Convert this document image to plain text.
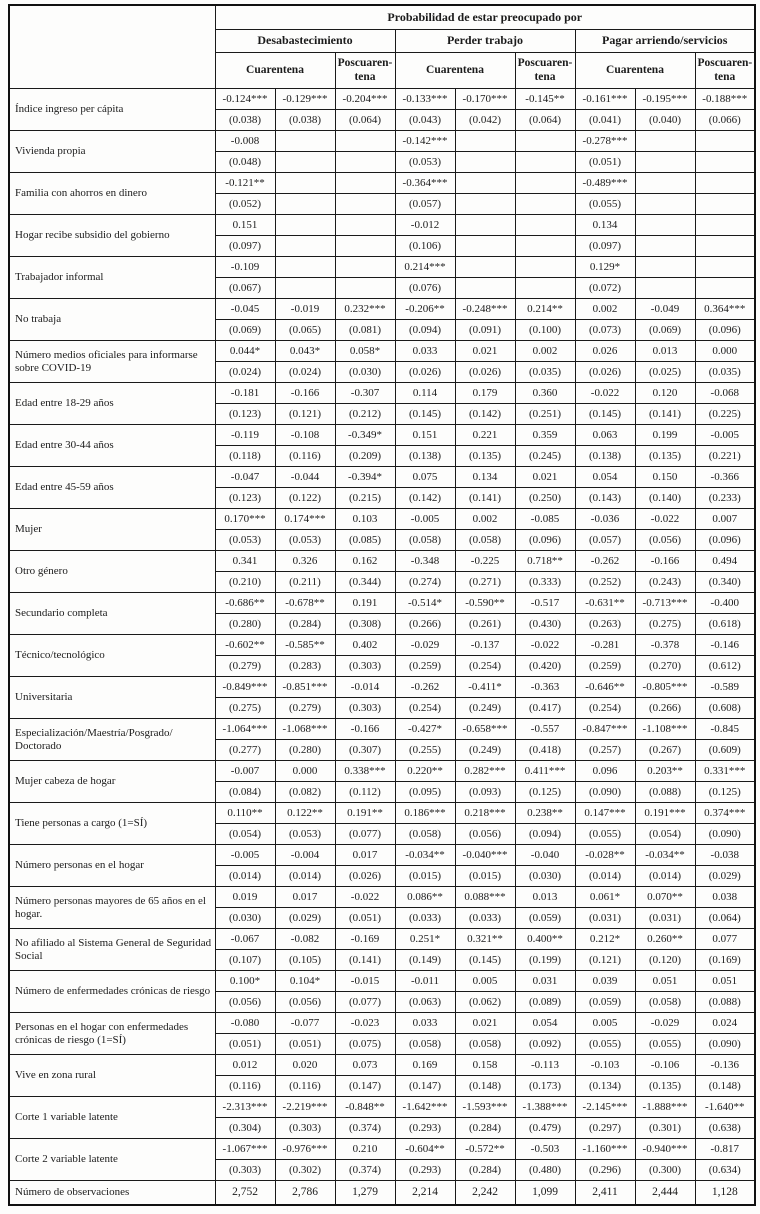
	Probabilidad de estar preocupado por								
	Desabastecimiento			Perder trabajo			Pagar arriendo/servicios		
	Cuarentena		Poscuaren-tena	Cuarentena		Poscuaren-tena	Cuarentena		Poscuaren-tena
Índice ingreso per cápita	-0.124***	-0.129***	-0.204***	-0.133***	-0.170***	-0.145**	-0.161***	-0.195***	-0.188***
	(0.038)	(0.038)	(0.064)	(0.043)	(0.042)	(0.064)	(0.041)	(0.040)	(0.066)
Vivienda propia	-0.008			-0.142***			-0.278***		
	(0.048)			(0.053)			(0.051)		
Familia con ahorros en dinero	-0.121**			-0.364***			-0.489***		
	(0.052)			(0.057)			(0.055)		
Hogar recibe subsidio del gobierno	0.151			-0.012			0.134		
	(0.097)			(0.106)			(0.097)		
Trabajador informal	-0.109			0.214***			0.129*		
	(0.067)			(0.076)			(0.072)		
No trabaja	-0.045	-0.019	0.232***	-0.206**	-0.248***	0.214**	0.002	-0.049	0.364***
	(0.069)	(0.065)	(0.081)	(0.094)	(0.091)	(0.100)	(0.073)	(0.069)	(0.096)
Número medios oficiales para informarse sobre COVID-19	0.044*	0.043*	0.058*	0.033	0.021	0.002	0.026	0.013	0.000
	(0.024)	(0.024)	(0.030)	(0.026)	(0.026)	(0.035)	(0.026)	(0.025)	(0.035)
Edad entre 18-29 años	-0.181	-0.166	-0.307	0.114	0.179	0.360	-0.022	0.120	-0.068
	(0.123)	(0.121)	(0.212)	(0.145)	(0.142)	(0.251)	(0.145)	(0.141)	(0.225)
Edad entre 30-44 años	-0.119	-0.108	-0.349*	0.151	0.221	0.359	0.063	0.199	-0.005
	(0.118)	(0.116)	(0.209)	(0.138)	(0.135)	(0.245)	(0.138)	(0.135)	(0.221)
Edad entre 45-59 años	-0.047	-0.044	-0.394*	0.075	0.134	0.021	0.054	0.150	-0.366
	(0.123)	(0.122)	(0.215)	(0.142)	(0.141)	(0.250)	(0.143)	(0.140)	(0.233)
Mujer	0.170***	0.174***	0.103	-0.005	0.002	-0.085	-0.036	-0.022	0.007
	(0.053)	(0.053)	(0.085)	(0.058)	(0.058)	(0.096)	(0.057)	(0.056)	(0.096)
Otro género	0.341	0.326	0.162	-0.348	-0.225	0.718**	-0.262	-0.166	0.494
	(0.210)	(0.211)	(0.344)	(0.274)	(0.271)	(0.333)	(0.252)	(0.243)	(0.340)
Secundario completa	-0.686**	-0.678**	0.191	-0.514*	-0.590**	-0.517	-0.631**	-0.713***	-0.400
	(0.280)	(0.284)	(0.308)	(0.266)	(0.261)	(0.430)	(0.263)	(0.275)	(0.618)
Técnico/tecnológico	-0.602**	-0.585**	0.402	-0.029	-0.137	-0.022	-0.281	-0.378	-0.146
	(0.279)	(0.283)	(0.303)	(0.259)	(0.254)	(0.420)	(0.259)	(0.270)	(0.612)
Universitaria	-0.849***	-0.851***	-0.014	-0.262	-0.411*	-0.363	-0.646**	-0.805***	-0.589
	(0.275)	(0.279)	(0.303)	(0.254)	(0.249)	(0.417)	(0.254)	(0.266)	(0.608)
Especialización/Maestría/Posgrado/ Doctorado	-1.064***	-1.068***	-0.166	-0.427*	-0.658***	-0.557	-0.847***	-1.108***	-0.845
	(0.277)	(0.280)	(0.307)	(0.255)	(0.249)	(0.418)	(0.257)	(0.267)	(0.609)
Mujer cabeza de hogar	-0.007	0.000	0.338***	0.220**	0.282***	0.411***	0.096	0.203**	0.331***
	(0.084)	(0.082)	(0.112)	(0.095)	(0.093)	(0.125)	(0.090)	(0.088)	(0.125)
Tiene personas a cargo (1=SÍ)	0.110**	0.122**	0.191**	0.186***	0.218***	0.238**	0.147***	0.191***	0.374***
	(0.054)	(0.053)	(0.077)	(0.058)	(0.056)	(0.094)	(0.055)	(0.054)	(0.090)
Número personas en el hogar	-0.005	-0.004	0.017	-0.034**	-0.040***	-0.040	-0.028**	-0.034**	-0.038
	(0.014)	(0.014)	(0.026)	(0.015)	(0.015)	(0.030)	(0.014)	(0.014)	(0.029)
Número personas mayores de 65 años en el hogar.	0.019	0.017	-0.022	0.086**	0.088***	0.013	0.061*	0.070**	0.038
	(0.030)	(0.029)	(0.051)	(0.033)	(0.033)	(0.059)	(0.031)	(0.031)	(0.064)
No afiliado al Sistema General de Seguridad Social	-0.067	-0.082	-0.169	0.251*	0.321**	0.400**	0.212*	0.260**	0.077
	(0.107)	(0.105)	(0.141)	(0.149)	(0.145)	(0.199)	(0.121)	(0.120)	(0.169)
Número de enfermedades crónicas de riesgo	0.100*	0.104*	-0.015	-0.011	0.005	0.031	0.039	0.051	0.051
	(0.056)	(0.056)	(0.077)	(0.063)	(0.062)	(0.089)	(0.059)	(0.058)	(0.088)
Personas en el hogar con enfermedades crónicas de riesgo (1=SÍ)	-0.080	-0.077	-0.023	0.033	0.021	0.054	0.005	-0.029	0.024
	(0.051)	(0.051)	(0.075)	(0.058)	(0.058)	(0.092)	(0.055)	(0.055)	(0.090)
Vive en zona rural	0.012	0.020	0.073	0.169	0.158	-0.113	-0.103	-0.106	-0.136
	(0.116)	(0.116)	(0.147)	(0.147)	(0.148)	(0.173)	(0.134)	(0.135)	(0.148)
Corte 1 variable latente	-2.313***	-2.219***	-0.848**	-1.642***	-1.593***	-1.388***	-2.145***	-1.888***	-1.640**
	(0.304)	(0.303)	(0.374)	(0.293)	(0.284)	(0.479)	(0.297)	(0.301)	(0.638)
Corte 2 variable latente	-1.067***	-0.976***	0.210	-0.604**	-0.572**	-0.503	-1.160***	-0.940***	-0.817
	(0.303)	(0.302)	(0.374)	(0.293)	(0.284)	(0.480)	(0.296)	(0.300)	(0.634)
Número de observaciones	2,752	2,786	1,279	2,214	2,242	1,099	2,411	2,444	1,128
